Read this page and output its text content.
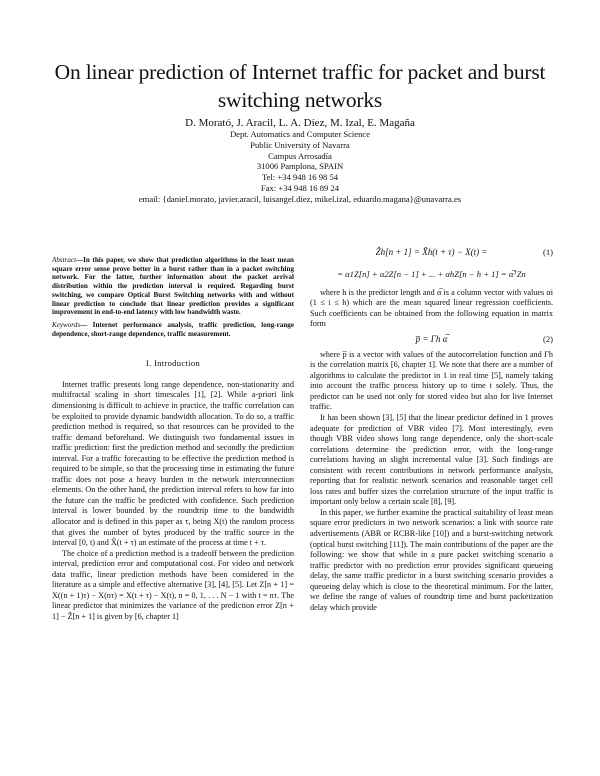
On linear prediction of Internet traffic for packet and burst switching networks
D. Morató, J. Aracil, L. A. Díez, M. Izal, E. Magaña
Dept. Automatics and Computer Science
Public University of Navarra
Campus Arrosadía
31006 Pamplona, SPAIN
Tel: +34 948 16 98 54
Fax: +34 948 16 89 24
email: {daniel.morato, javier.aracil, luisangel.diez, mikel.izal, eduardo.magana}@unavarra.es

Abstract—In this paper, we show that prediction algorithms in the least mean square error sense prove better in a burst rather than in a packet switching network. For the latter, further information about the packet arrival distribution within the prediction interval is required. Regarding burst switching, we compare Optical Burst Switching networks with and without linear prediction to conclude that linear prediction provides a significant improvement in end-to-end latency with low bandwidth waste.

Keywords— Internet performance analysis, traffic prediction, long-range dependence, short-range dependence, traffic measurement.

I. Introduction

Internet traffic presents long range dependence, non-stationarity and multifractal scaling in short timescales [1], [2]. While a-priori link dimensioning is difficult to achieve in practice, the traffic correlation can be exploited to provide dynamic bandwidth allocation. To do so, a traffic prediction method is required, so that resources can be provided to the traffic demand beforehand. We distinguish two fundamental issues in traffic prediction: first the prediction method and secondly the prediction interval. For a traffic forecasting to be effective the prediction method is required to be simple, so that the processing time in estimating the future traffic does not pose a heavy burden in the network interconnection elements. On the other hand, the prediction interval refers to how far into the future can the traffic be predicted with confidence. Such prediction interval is lower bounded by the roundtrip time to the bandwidth allocator and is defined in this paper as τ, being X(t) the random process that gives the number of bytes produced by the traffic source in the interval [0, t) and X̂(t + τ) an estimate of the process at time t + τ.

The choice of a prediction method is a tradeoff between the prediction interval, prediction error and computational cost. For video and network data traffic, linear prediction methods have been considered in the literature as a simple and effective alternative [3], [4], [5]. Let Z[n + 1] = X((n + 1)τ) − X(nτ) = X(t + τ) − X(t), n = 0, 1, . . . N − 1 with t = nτ. The linear predictor that minimizes the variance of the prediction error Z[n + 1] − Ẑ[n + 1] is given by [6, chapter 1]

Ẑh[n + 1] = X̂h(t + τ) − X(t) =	(1)
= α1Z[n] + α2Z[n − 1] + ... + αhZ[n − h + 1] = α̅ᵀZn

where h is the predictor length and α̅ is a column vector with values αi (1 ≤ i ≤ h) which are the mean squared linear regression coefficients. Such coefficients can be obtained from the following equation in matrix form

p̅ = Γh α̅	(2)

where p̅ is a vector with values of the autocorrelation function and Γh is the correlation matrix [6, chapter 1]. We note that there are a number of algorithms to calculate the predictor in 1 in real time [5], namely taking into account the traffic process history up to time t solely. Thus, the predictor can be used not only for stored video but also for live Internet traffic.

It has been shown [3], [5] that the linear predictor defined in 1 proves adequate for prediction of VBR video [7]. Most interestingly, even though VBR video shows long range dependence, only the short-scale correlations determine the prediction error, with the long-range correlations having an slight incremental value [3]. Such findings are consistent with recent contributions in network performance analysis, reporting that for realistic network scenarios and reasonable target cell loss rates and buffer sizes the correlation structure of the input traffic is important only below a certain scale [8], [9].

In this paper, we further examine the practical suitability of least mean square error predictors in two network scenarios: a link with source rate advertisements (ABR or RCBR-like [10]) and a burst-switching network (optical burst switching [11]). The main contributions of the paper are the following: we show that while in a pure packet switching scenario a traffic predictor with no prediction error provides significant queueing delay, the same traffic predictor in a burst switching scenario provides a queueing delay which is close to the theoretical minimum. For the latter, we define the range of values of roundtrip time and burst packetization delay which provide
